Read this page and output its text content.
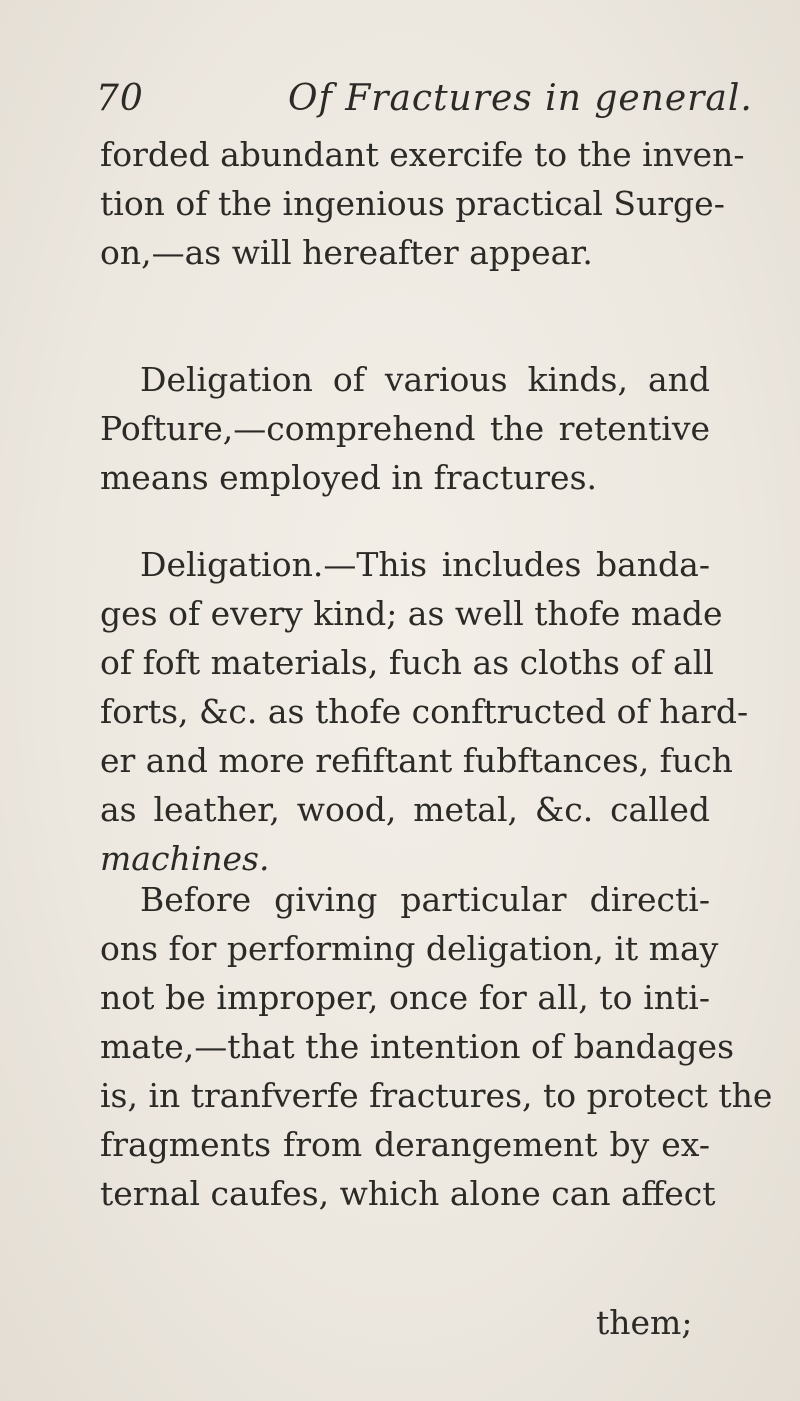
70	Of Fractures in general.
forded abundant exercife to the inven-
tion of the ingenious practical Surge-
on,—as will hereafter appear.
Deligation of various kinds, and
Pofture,—comprehend the retentive
means employed in fractures.
Deligation.—This includes banda-
ges of every kind; as well thofe made
of foft materials, fuch as cloths of all
forts, &c. as thofe conftructed of hard-
er and more refiftant fubftances, fuch
as leather, wood, metal, &c. called
machines.
Before giving particular directi-
ons for performing deligation, it may
not be improper, once for all, to inti-
mate,—that the intention of bandages
is, in tranfverfe fractures, to protect the
fragments from derangement by ex-
ternal caufes, which alone can affect
them;
